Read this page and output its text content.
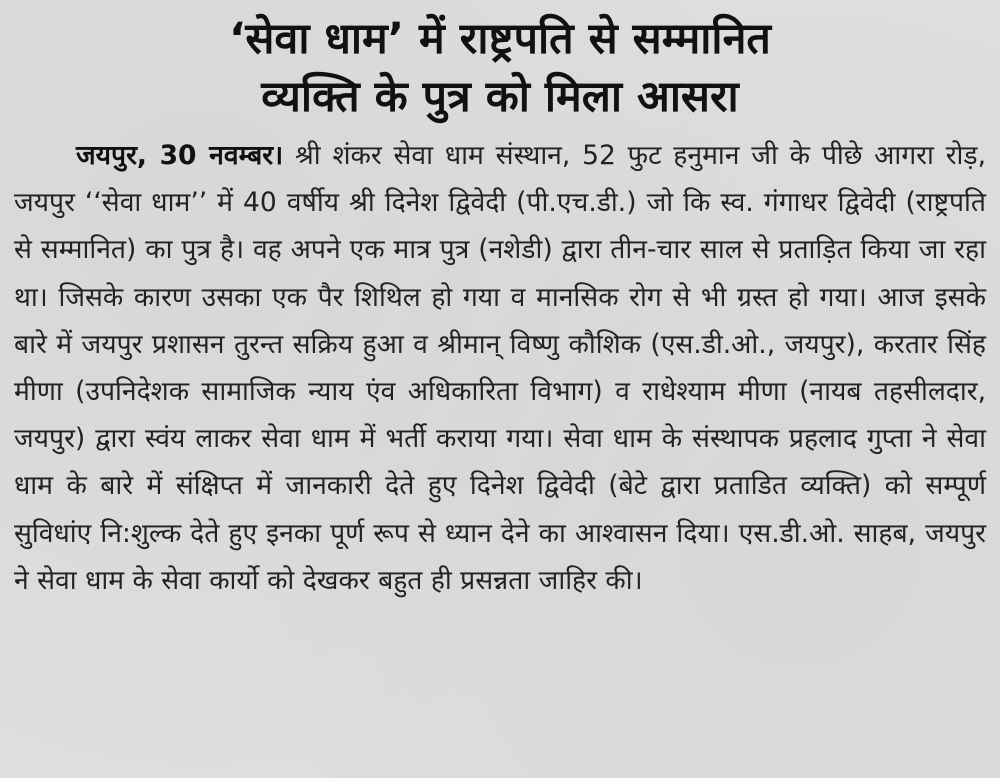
‘सेवा धाम’ में राष्ट्रपति से सम्मानित
व्यक्ति के पुत्र को मिला आसरा

जयपुर, 30 नवम्बर। श्री शंकर सेवा धाम संस्थान, 52 फुट हनुमान जी के पीछे आगरा रोड़, जयपुर ‘‘सेवा धाम’’ में 40 वर्षीय श्री दिनेश द्विवेदी (पी.एच.डी.) जो कि स्व. गंगाधर द्विवेदी (राष्ट्रपति से सम्मानित) का पुत्र है। वह अपने एक मात्र पुत्र (नशेडी) द्वारा तीन-चार साल से प्रताड़ित किया जा रहा था। जिसके कारण उसका एक पैर शिथिल हो गया व मानसिक रोग से भी ग्रस्त हो गया। आज इसके बारे में जयपुर प्रशासन तुरन्त सक्रिय हुआ व श्रीमान् विष्णु कौशिक (एस.डी.ओ., जयपुर), करतार सिंह मीणा (उपनिदेशक सामाजिक न्याय एंव अधिकारिता विभाग) व राधेश्याम मीणा (नायब तहसीलदार, जयपुर) द्वारा स्वंय लाकर सेवा धाम में भर्ती कराया गया। सेवा धाम के संस्थापक प्रहलाद गुप्ता ने सेवा धाम के बारे में संक्षिप्त में जानकारी देते हुए दिनेश द्विवेदी (बेटे द्वारा प्रताडित व्यक्ति) को सम्पूर्ण सुविधांए नि:शुल्क देते हुए इनका पूर्ण रूप से ध्यान देने का आश्वासन दिया। एस.डी.ओ. साहब, जयपुर ने सेवा धाम के सेवा कार्यो को देखकर बहुत ही प्रसन्नता जाहिर की।
